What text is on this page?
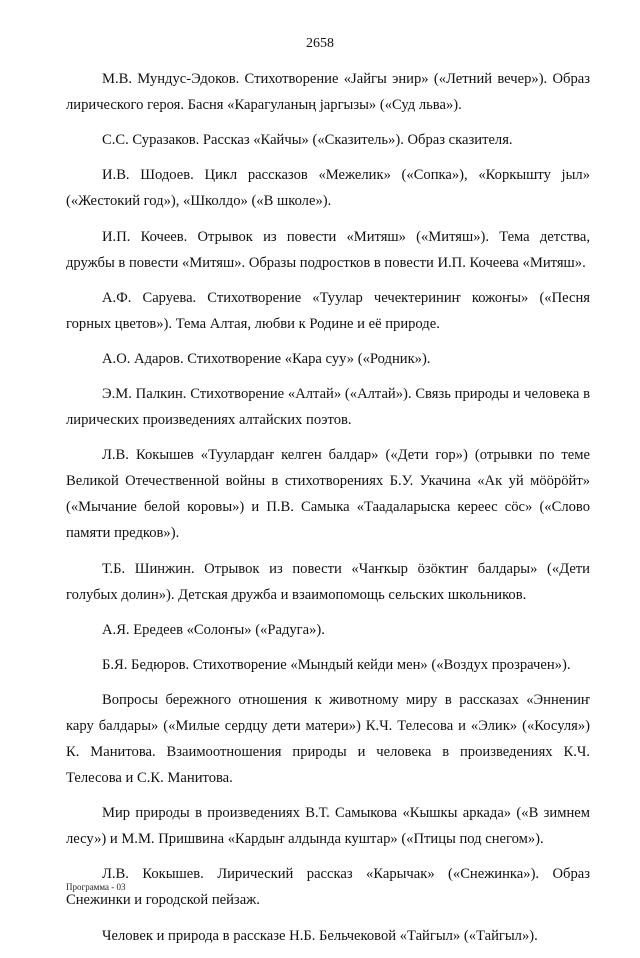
2658

М.В. Мундус-Эдоков. Стихотворение «Јайгы энир» («Летний вечер»). Образ лирического героя. Басня «Карагуланың јаргызы» («Суд льва»).

С.С. Суразаков. Рассказ «Кайчы» («Сказитель»). Образ сказителя.

И.В. Шодоев. Цикл рассказов «Межелик» («Сопка»), «Коркышту јыл» («Жестокий год»), «Школдо» («В школе»).

И.П. Кочеев. Отрывок из повести «Митяш» («Митяш»). Тема детства, дружбы в повести «Митяш». Образы подростков в повести И.П. Кочеева «Митяш».

А.Ф. Саруева. Стихотворение «Туулар чечектериниҥ кожоҥы» («Песня горных цветов»). Тема Алтая, любви к Родине и её природе.

А.О. Адаров. Стихотворение «Кара суу» («Родник»).

Э.М. Палкин. Стихотворение «Алтай» («Алтай»). Связь природы и человека в лирических произведениях алтайских поэтов.

Л.В. Кокышев «Туулардаҥ келген балдар» («Дети гор») (отрывки по теме Великой Отечественной войны в стихотворениях Б.У. Укачина «Ак уй мööрöйт» («Мычание белой коровы») и П.В. Самыка «Таадаларыска кереес сöс» («Слово памяти предков»).

Т.Б. Шинжин. Отрывок из повести «Чаҥкыр öзöктиҥ балдары» («Дети голубых долин»). Детская дружба и взаимопомощь сельских школьников.

А.Я. Ередеев «Солоҥы» («Радуга»).

Б.Я. Бедюров. Стихотворение «Мындый кейди мен» («Воздух прозрачен»).

Вопросы бережного отношения к животному миру в рассказах «Эннениҥ кару балдары» («Милые сердцу дети матери») К.Ч. Телесова и «Элик» («Косуля») К. Манитова. Взаимоотношения природы и человека в произведениях К.Ч. Телесова и С.К. Манитова.

Мир природы в произведениях В.Т. Самыкова «Кышкы аркада» («В зимнем лесу») и М.М. Пришвина «Кардыҥ алдында куштар» («Птицы под снегом»).

Л.В. Кокышев. Лирический рассказ «Карычак» («Снежинка»). Образ Снежинки и городской пейзаж.

Человек и природа в рассказе Н.Б. Бельчековой «Тайгыл» («Тайгыл»).

Программа - 03
